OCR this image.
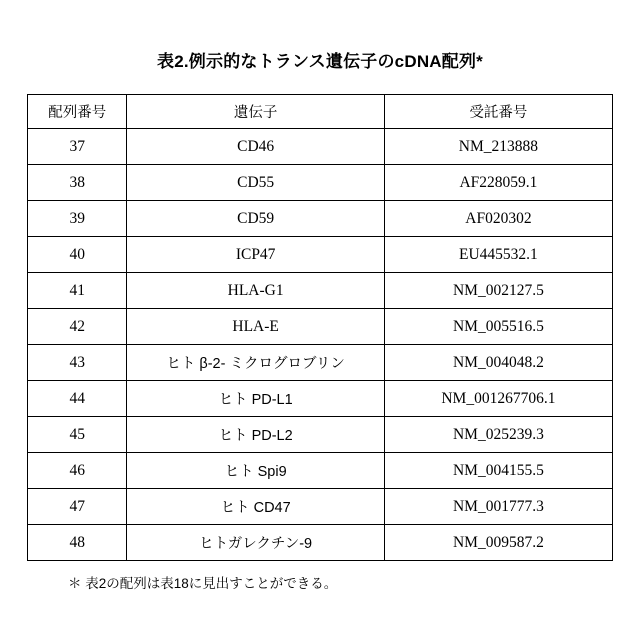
表2.例示的なトランス遺伝子のcDNA配列*
配列番号	遺伝子	受託番号
37	CD46	NM_213888
38	CD55	AF228059.1
39	CD59	AF020302
40	ICP47	EU445532.1
41	HLA-G1	NM_002127.5
42	HLA-E	NM_005516.5
43	ヒト β-2- ミクログロブリン	NM_004048.2
44	ヒト PD-L1	NM_001267706.1
45	ヒト PD-L2	NM_025239.3
46	ヒト Spi9	NM_004155.5
47	ヒト CD47	NM_001777.3
48	ヒトガレクチン-9	NM_009587.2
＊ 表2の配列は表18に見出すことができる。
